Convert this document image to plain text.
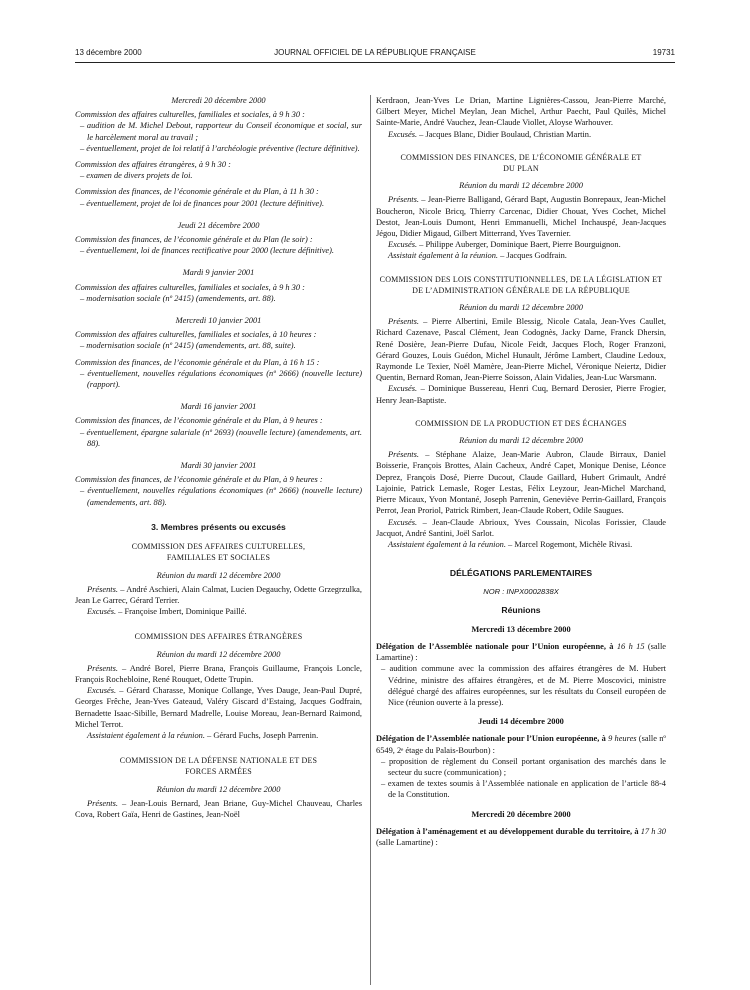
13 décembre 2000	JOURNAL OFFICIEL DE LA RÉPUBLIQUE FRANÇAISE	19731
Mercredi 20 décembre 2000
Commission des affaires culturelles, familiales et sociales, à 9 h 30 :
– audition de M. Michel Debout, rapporteur du Conseil économique et social, sur le harcèlement moral au travail ;
– éventuellement, projet de loi relatif à l’archéologie préventive (lecture définitive).
Commission des affaires étrangères, à 9 h 30 :
– examen de divers projets de loi.
Commission des finances, de l’économie générale et du Plan, à 11 h 30 :
– éventuellement, projet de loi de finances pour 2001 (lecture définitive).
Jeudi 21 décembre 2000
Commission des finances, de l’économie générale et du Plan (le soir) :
– éventuellement, loi de finances rectificative pour 2000 (lecture définitive).
Mardi 9 janvier 2001
Commission des affaires culturelles, familiales et sociales, à 9 h 30 :
– modernisation sociale (nº 2415) (amendements, art. 88).
Mercredi 10 janvier 2001
Commission des affaires culturelles, familiales et sociales, à 10 heures :
– modernisation sociale (nº 2415) (amendements, art. 88, suite).
Commission des finances, de l’économie générale et du Plan, à 16 h 15 :
– éventuellement, nouvelles régulations économiques (nº 2666) (nouvelle lecture) (rapport).
Mardi 16 janvier 2001
Commission des finances, de l’économie générale et du Plan, à 9 heures :
– éventuellement, épargne salariale (nº 2693) (nouvelle lecture) (amendements, art. 88).
Mardi 30 janvier 2001
Commission des finances, de l’économie générale et du Plan, à 9 heures :
– éventuellement, nouvelles régulations économiques (nº 2666) (nouvelle lecture) (amendements, art. 88).
3. Membres présents ou excusés
COMMISSION DES AFFAIRES CULTURELLES, FAMILIALES ET SOCIALES
Réunion du mardi 12 décembre 2000
Présents. – André Aschieri, Alain Calmat, Lucien Degauchy, Odette Grzegrzulka, Jean Le Garrec, Gérard Terrier.
Excusés. – Françoise Imbert, Dominique Paillé.
COMMISSION DES AFFAIRES ÉTRANGÈRES
Réunion du mardi 12 décembre 2000
Présents. – André Borel, Pierre Brana, François Guillaume, François Loncle, François Rochebloine, René Rouquet, Odette Trupin.
Excusés. – Gérard Charasse, Monique Collange, Yves Dauge, Jean-Paul Dupré, Georges Frêche, Jean-Yves Gateaud, Valéry Giscard d’Estaing, Jacques Godfrain, Bernadette Isaac-Sibille, Bernard Madrelle, Louise Moreau, Jean-Bernard Raimond, Michel Terrot.
Assistaient également à la réunion. – Gérard Fuchs, Joseph Parrenin.
COMMISSION DE LA DÉFENSE NATIONALE ET DES FORCES ARMÉES
Réunion du mardi 12 décembre 2000
Présents. – Jean-Louis Bernard, Jean Briane, Guy-Michel Chauveau, Charles Cova, Robert Gaïa, Henri de Gastines, Jean-Noël
Kerdraon, Jean-Yves Le Drian, Martine Lignières-Cassou, Jean-Pierre Marché, Gilbert Meyer, Michel Meylan, Jean Michel, Arthur Paecht, Paul Quilès, Michel Sainte-Marie, André Vauchez, Jean-Claude Viollet, Aloyse Warhouver.
Excusés. – Jacques Blanc, Didier Boulaud, Christian Martin.
COMMISSION DES FINANCES, DE L’ÉCONOMIE GÉNÉRALE ET DU PLAN
Réunion du mardi 12 décembre 2000
Présents. – Jean-Pierre Balligand, Gérard Bapt, Augustin Bonrepaux, Jean-Michel Boucheron, Nicole Bricq, Thierry Carcenac, Didier Chouat, Yves Cochet, Michel Destot, Jean-Louis Dumont, Henri Emmanuelli, Michel Inchauspé, Jean-Jacques Jégou, Didier Migaud, Gilbert Mitterrand, Yves Tavernier.
Excusés. – Philippe Auberger, Dominique Baert, Pierre Bourguignon.
Assistait également à la réunion. – Jacques Godfrain.
COMMISSION DES LOIS CONSTITUTIONNELLES, DE LA LÉGISLATION ET DE L’ADMINISTRATION GÉNÉRALE DE LA RÉPUBLIQUE
Réunion du mardi 12 décembre 2000
Présents. – Pierre Albertini, Emile Blessig, Nicole Catala, Jean-Yves Caullet, Richard Cazenave, Pascal Clément, Jean Codognès, Jacky Darne, Franck Dhersin, René Dosière, Jean-Pierre Dufau, Nicole Feidt, Jacques Floch, Roger Franzoni, Gérard Gouzes, Louis Guédon, Michel Hunault, Jérôme Lambert, Claudine Ledoux, Raymonde Le Texier, Noël Mamère, Jean-Pierre Michel, Véronique Neiertz, Didier Quentin, Bernard Roman, Jean-Pierre Soisson, Alain Vidalies, Jean-Luc Warsmann.
Excusés. – Dominique Bussereau, Henri Cuq, Bernard Derosier, Pierre Frogier, Henry Jean-Baptiste.
COMMISSION DE LA PRODUCTION ET DES ÉCHANGES
Réunion du mardi 12 décembre 2000
Présents. – Stéphane Alaize, Jean-Marie Aubron, Claude Birraux, Daniel Boisserie, François Brottes, Alain Cacheux, André Capet, Monique Denise, Léonce Deprez, François Dosé, Pierre Ducout, Claude Gaillard, Hubert Grimault, André Lajoinie, Patrick Lemasle, Roger Lestas, Félix Leyzour, Jean-Michel Marchand, Pierre Micaux, Yvon Montané, Joseph Parrenin, Geneviève Perrin-Gaillard, François Perrot, Jean Proriol, Patrick Rimbert, Jean-Claude Robert, Odile Saugues.
Excusés. – Jean-Claude Abrioux, Yves Coussain, Nicolas Forissier, Claude Jacquot, André Santini, Joël Sarlot.
Assistaient également à la réunion. – Marcel Rogemont, Michèle Rivasi.
DÉLÉGATIONS PARLEMENTAIRES
NOR : INPX0002838X
Réunions
Mercredi 13 décembre 2000
Délégation de l’Assemblée nationale pour l’Union européenne, à 16 h 15 (salle Lamartine) :
– audition commune avec la commission des affaires étrangères de M. Hubert Védrine, ministre des affaires étrangères, et de M. Pierre Moscovici, ministre délégué chargé des affaires européennes, sur les résultats du Conseil européen de Nice (réunion ouverte à la presse).
Jeudi 14 décembre 2000
Délégation de l’Assemblée nationale pour l’Union européenne, à 9 heures (salle nº 6549, 2ᵉ étage du Palais-Bourbon) :
– proposition de règlement du Conseil portant organisation des marchés dans le secteur du sucre (communication) ;
– examen de textes soumis à l’Assemblée nationale en application de l’article 88-4 de la Constitution.
Mercredi 20 décembre 2000
Délégation à l’aménagement et au développement durable du territoire, à 17 h 30 (salle Lamartine) :
